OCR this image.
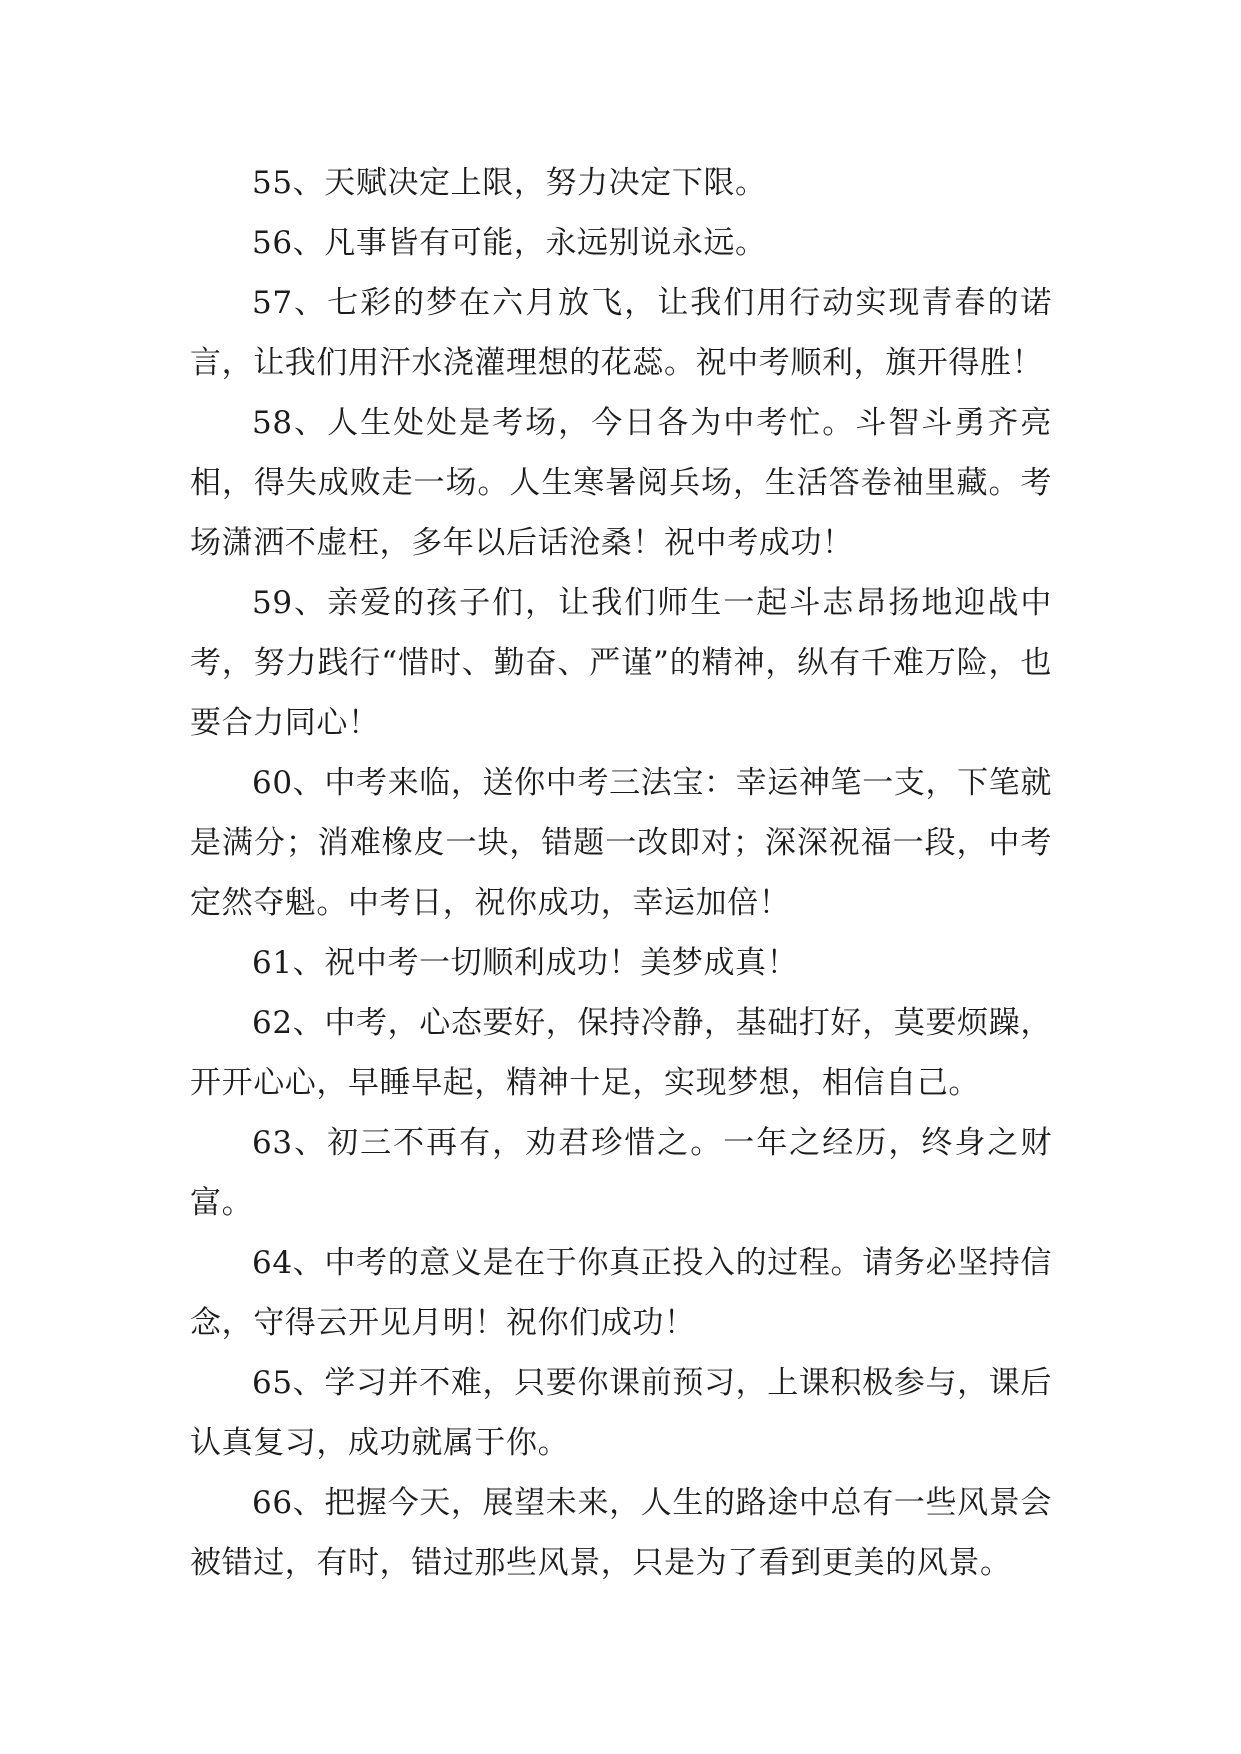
55、天赋决定上限，努力决定下限。

56、凡事皆有可能，永远别说永远。

57、七彩的梦在六月放飞，让我们用行动实现青春的诺言，让我们用汗水浇灌理想的花蕊。祝中考顺利，旗开得胜！

58、人生处处是考场，今日各为中考忙。斗智斗勇齐亮相，得失成败走一场。人生寒暑阅兵场，生活答卷袖里藏。考场潇洒不虚枉，多年以后话沧桑！祝中考成功！

59、亲爱的孩子们，让我们师生一起斗志昂扬地迎战中考，努力践行“惜时、勤奋、严谨”的精神，纵有千难万险，也要合力同心！

60、中考来临，送你中考三法宝：幸运神笔一支，下笔就是满分；消难橡皮一块，错题一改即对；深深祝福一段，中考定然夺魁。中考日，祝你成功，幸运加倍！

61、祝中考一切顺利成功！美梦成真！

62、中考，心态要好，保持冷静，基础打好，莫要烦躁，开开心心，早睡早起，精神十足，实现梦想，相信自己。

63、初三不再有，劝君珍惜之。一年之经历，终身之财富。

64、中考的意义是在于你真正投入的过程。请务必坚持信念，守得云开见月明！祝你们成功！

65、学习并不难，只要你课前预习，上课积极参与，课后认真复习，成功就属于你。

66、把握今天，展望未来，人生的路途中总有一些风景会被错过，有时，错过那些风景，只是为了看到更美的风景。
